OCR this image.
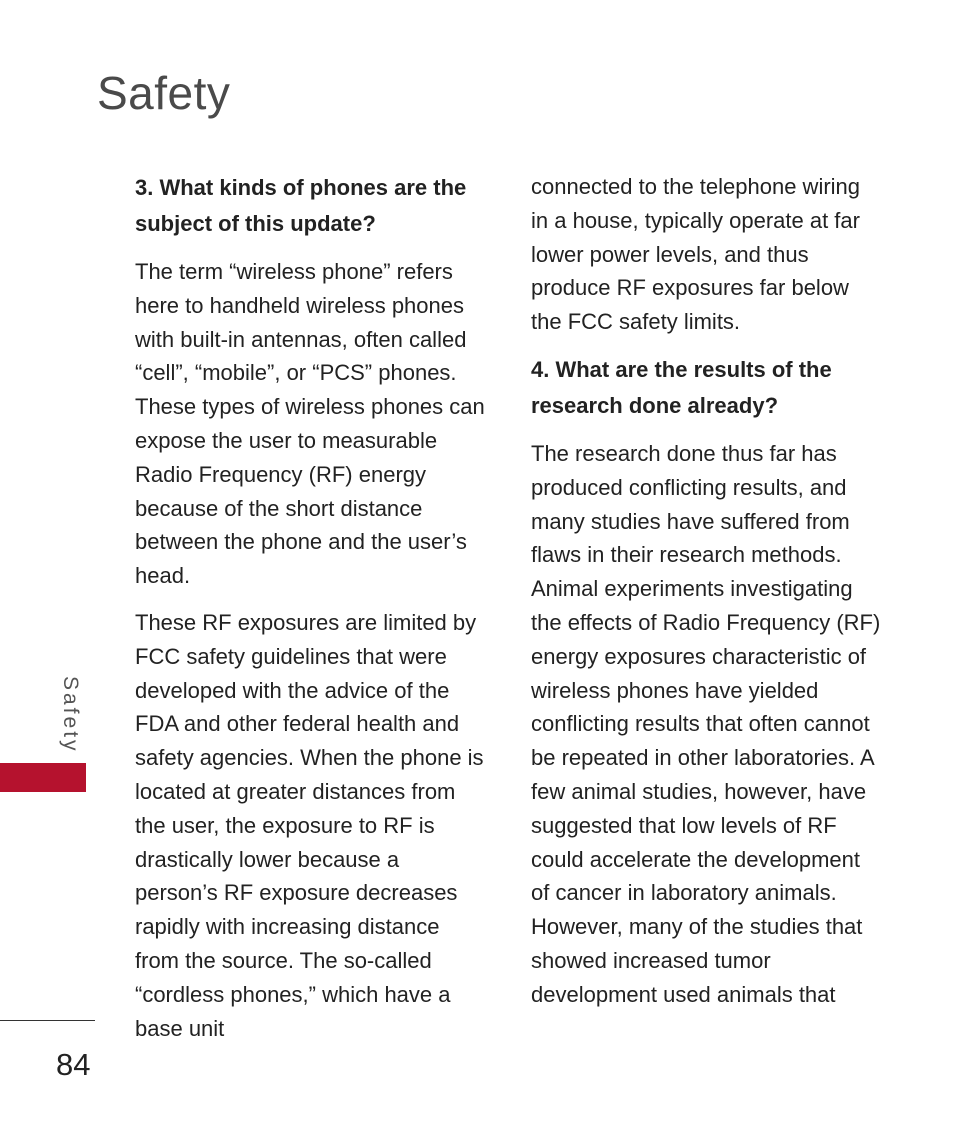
Safety
Safety
84
3. What kinds of phones are the subject of this update?

The term “wireless phone” refers here to handheld wireless phones with built-in antennas, often called “cell”, “mobile”, or “PCS” phones. These types of wireless phones can expose the user to measurable Radio Frequency (RF) energy because of the short distance between the phone and the user’s head.

These RF exposures are limited by FCC safety guidelines that were developed with the advice of the FDA and other federal health and safety agencies. When the phone is located at greater distances from the user, the exposure to RF is drastically lower because a person’s RF exposure decreases rapidly with increasing distance from the source. The so-called “cordless phones,” which have a base unit

connected to the telephone wiring in a house, typically operate at far lower power levels, and thus produce RF exposures far below the FCC safety limits.

4. What are the results of the research done already?

The research done thus far has produced conflicting results, and many studies have suffered from flaws in their research methods. Animal experiments investigating the effects of Radio Frequency (RF) energy exposures characteristic of wireless phones have yielded conflicting results that often cannot be repeated in other laboratories. A few animal studies, however, have suggested that low levels of RF could accelerate the development of cancer in laboratory animals. However, many of the studies that showed increased tumor development used animals that
